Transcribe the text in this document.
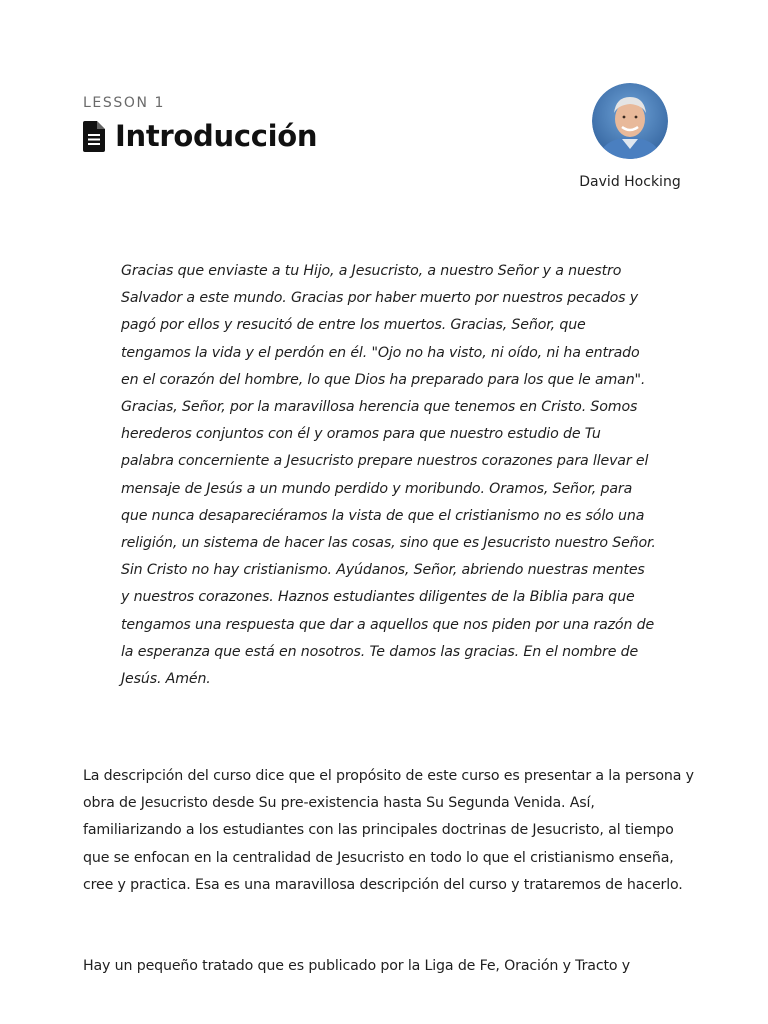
LESSON 1
Introducción
David Hocking

Gracias que enviaste a tu Hijo, a Jesucristo, a nuestro Señor y a nuestro Salvador a este mundo. Gracias por haber muerto por nuestros pecados y pagó por ellos y resucitó de entre los muertos. Gracias, Señor, que tengamos la vida y el perdón en él. "Ojo no ha visto, ni oído, ni ha entrado en el corazón del hombre, lo que Dios ha preparado para los que le aman". Gracias, Señor, por la maravillosa herencia que tenemos en Cristo. Somos herederos conjuntos con él y oramos para que nuestro estudio de Tu palabra concerniente a Jesucristo prepare nuestros corazones para llevar el mensaje de Jesús a un mundo perdido y moribundo. Oramos, Señor, para que nunca desapareciéramos la vista de que el cristianismo no es sólo una religión, un sistema de hacer las cosas, sino que es Jesucristo nuestro Señor. Sin Cristo no hay cristianismo. Ayúdanos, Señor, abriendo nuestras mentes y nuestros corazones. Haznos estudiantes diligentes de la Biblia para que tengamos una respuesta que dar a aquellos que nos piden por una razón de la esperanza que está en nosotros. Te damos las gracias. En el nombre de Jesús. Amén.

La descripción del curso dice que el propósito de este curso es presentar a la persona y obra de Jesucristo desde Su pre-existencia hasta Su Segunda Venida. Así, familiarizando a los estudiantes con las principales doctrinas de Jesucristo, al tiempo que se enfocan en la centralidad de Jesucristo en todo lo que el cristianismo enseña, cree y practica. Esa es una maravillosa descripción del curso y trataremos de hacerlo.

Hay un pequeño tratado que es publicado por la Liga de Fe, Oración y Tracto y
